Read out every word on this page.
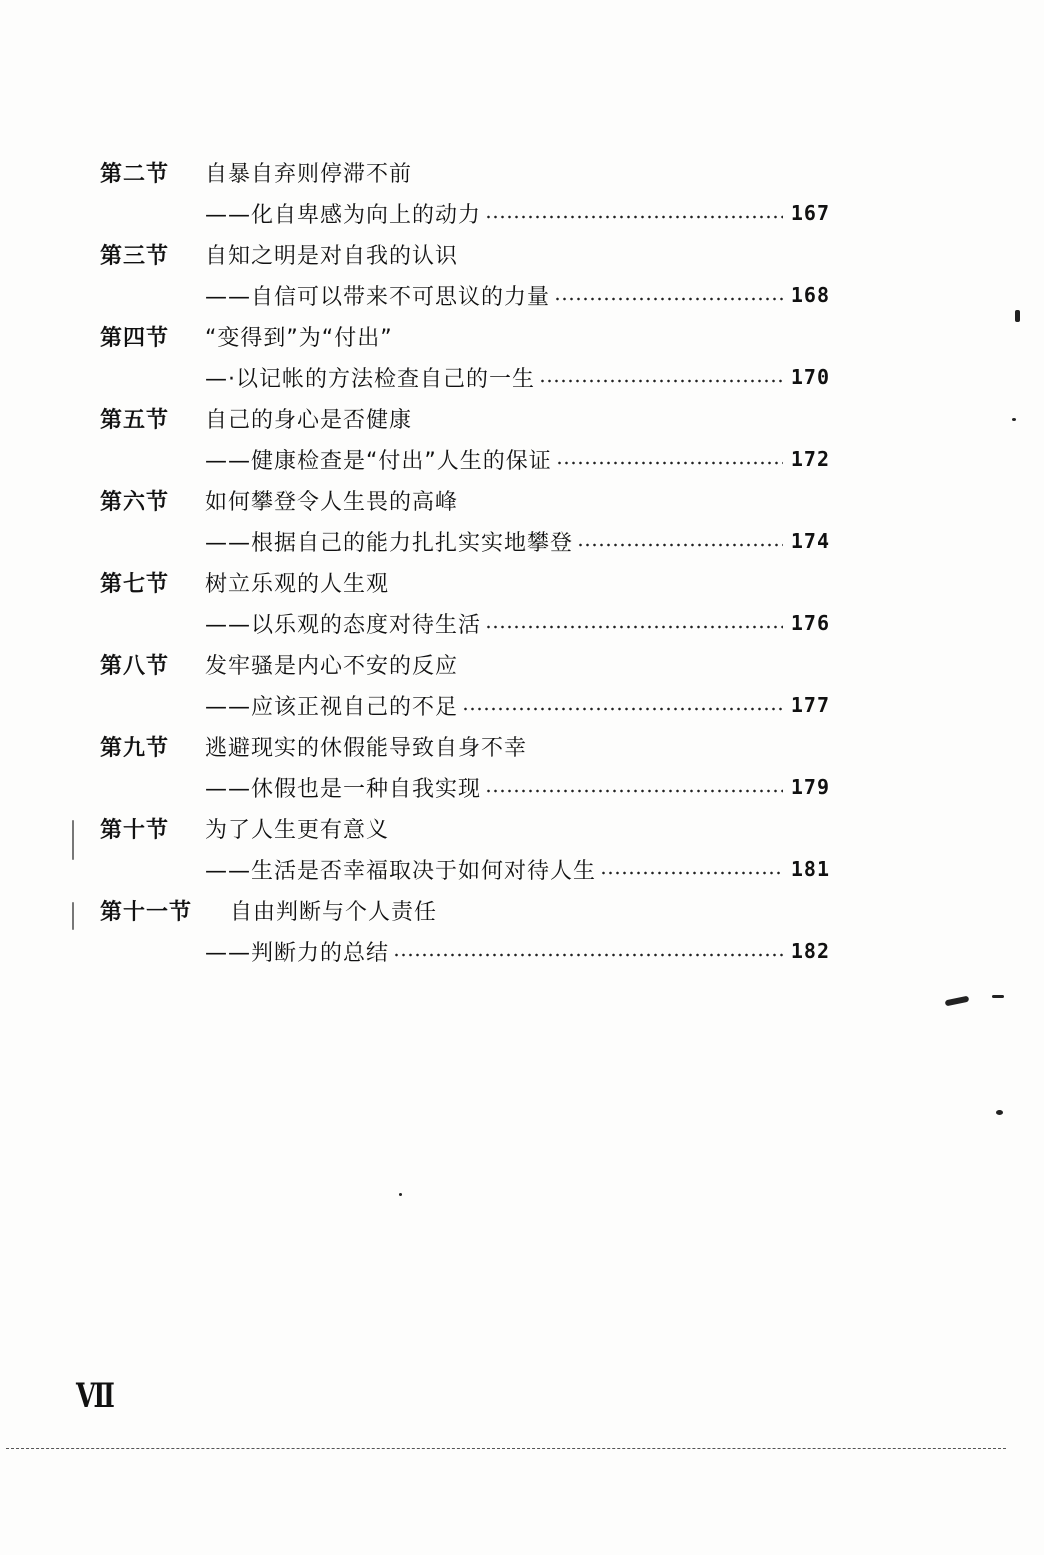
第二节	自暴自弃则停滞不前
——化自卑感为向上的动力	167
第三节	自知之明是对自我的认识
——自信可以带来不可思议的力量	168
第四节	“变得到”为“付出”
—·以记帐的方法检查自己的一生	170
第五节	自己的身心是否健康
——健康检查是“付出”人生的保证	172
第六节	如何攀登令人生畏的高峰
——根据自己的能力扎扎实实地攀登	174
第七节	树立乐观的人生观
——以乐观的态度对待生活	176
第八节	发牢骚是内心不安的反应
——应该正视自己的不足	177
第九节	逃避现实的休假能导致自身不幸
——休假也是一种自我实现	179
第十节	为了人生更有意义
——生活是否幸福取决于如何对待人生	181
第十一节	自由判断与个人责任
——判断力的总结	182
Ⅶ
